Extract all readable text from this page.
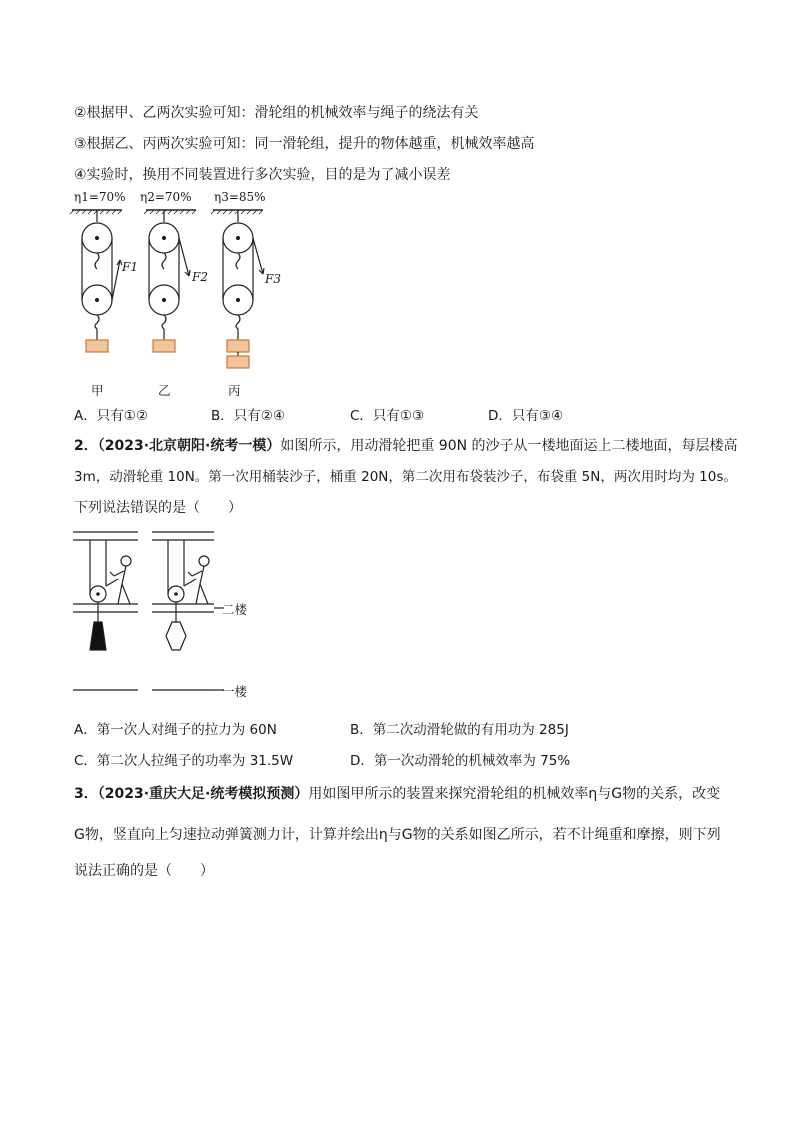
②根据甲、乙两次实验可知：滑轮组的机械效率与绳子的绕法有关
③根据乙、丙两次实验可知：同一滑轮组，提升的物体越重，机械效率越高
④实验时，换用不同装置进行多次实验，目的是为了减小误差
η1=70% η2=70% η3=85%
F1
F2	F3
甲	乙	丙
A．只有①②	B．只有②④	C．只有①③	D．只有③④
2．（2023·北京朝阳·统考一模）如图所示，用动滑轮把重 90N 的沙子从一楼地面运上二楼地面，每层楼高
3m，动滑轮重 10N。第一次用桶装沙子，桶重 20N，第二次用布袋装沙子，布袋重 5N，两次用时均为 10s。
下列说法错误的是（　　）
二楼
一楼
A．第一次人对绳子的拉力为 60N	B．第二次动滑轮做的有用功为 285J
C．第二次人拉绳子的功率为 31.5W	D．第一次动滑轮的机械效率为 75%
3．（2023·重庆大足·统考模拟预测）用如图甲所示的装置来探究滑轮组的机械效率η与G物的关系，改变
G物，竖直向上匀速拉动弹簧测力计，计算并绘出η与G物的关系如图乙所示，若不计绳重和摩擦，则下列
说法正确的是（　　）
